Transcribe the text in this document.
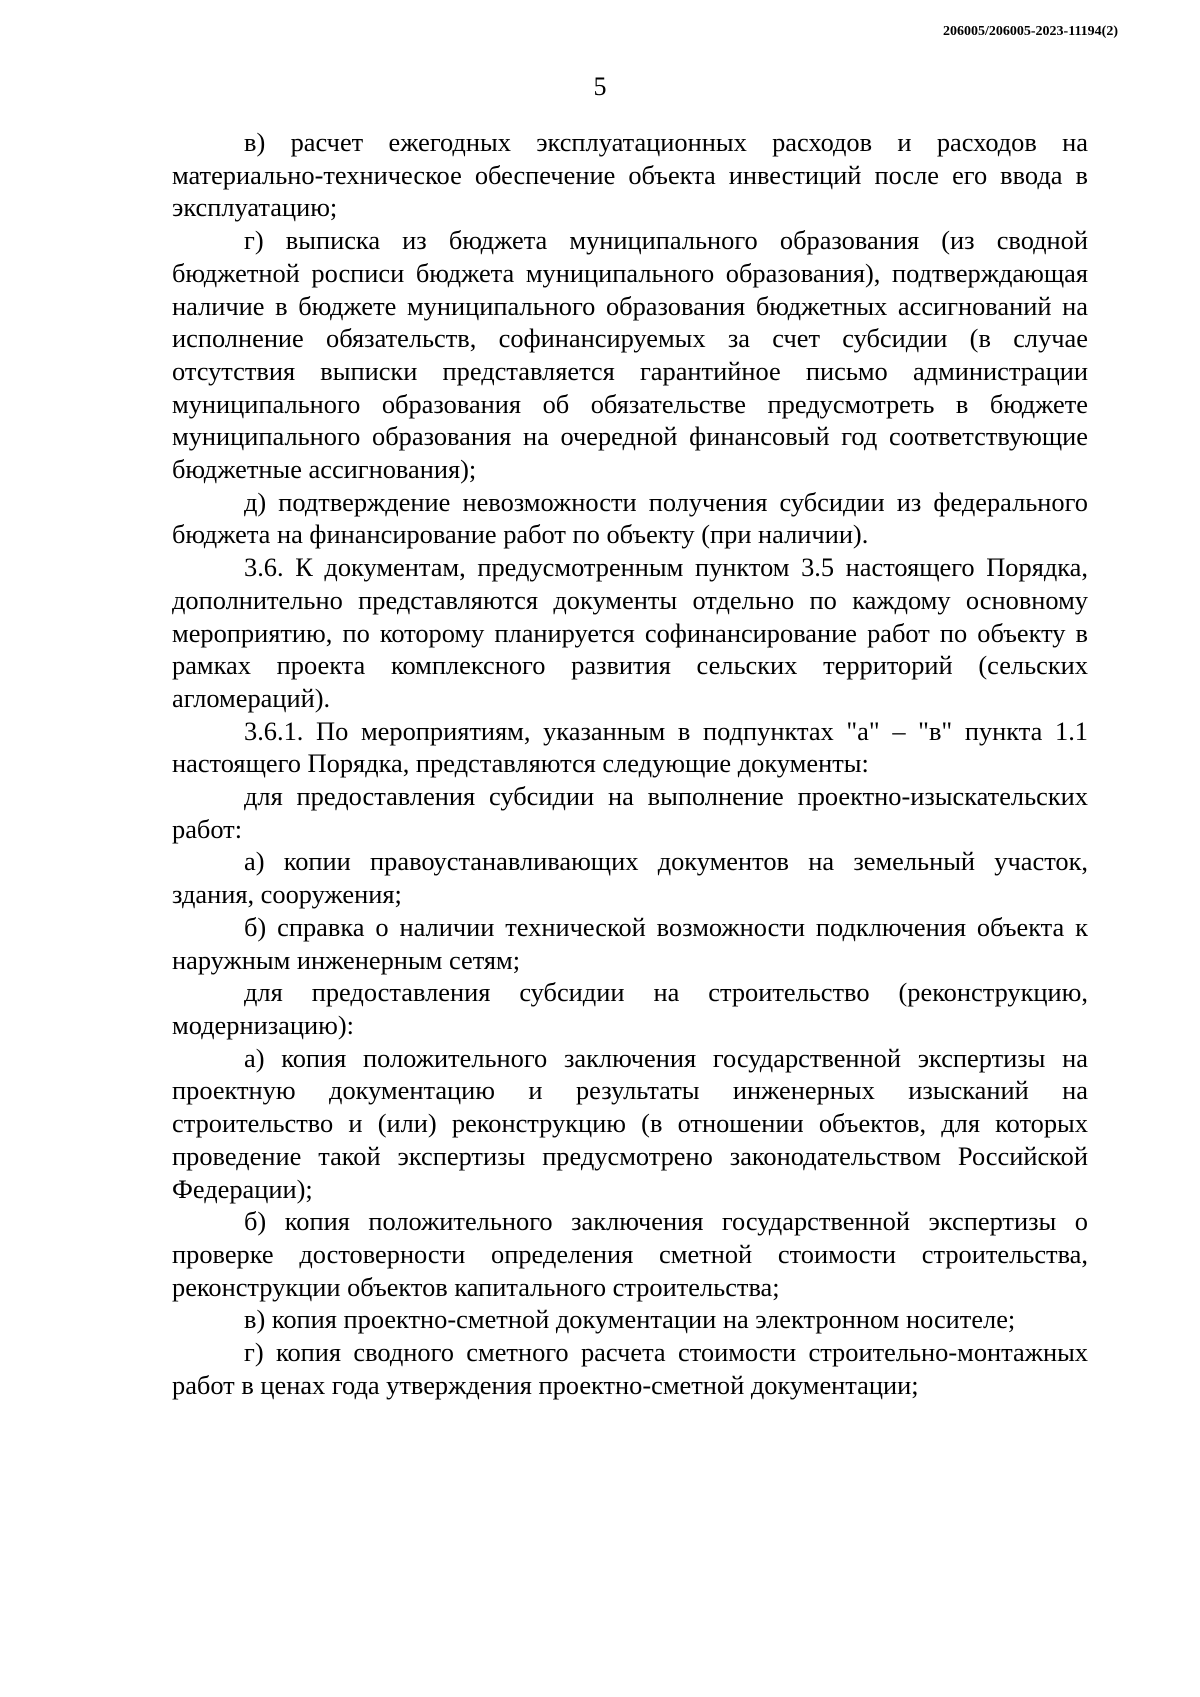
206005/206005-2023-11194(2)
5

в) расчет ежегодных эксплуатационных расходов и расходов на материально-техническое обеспечение объекта инвестиций после его ввода в эксплуатацию;

г) выписка из бюджета муниципального образования (из сводной бюджетной росписи бюджета муниципального образования), подтверждающая наличие в бюджете муниципального образования бюджетных ассигнований на исполнение обязательств, софинансируемых за счет субсидии (в случае отсутствия выписки представляется гарантийное письмо администрации муниципального образования об обязательстве предусмотреть в бюджете муниципального образования на очередной финансовый год соответствующие бюджетные ассигнования);

д) подтверждение невозможности получения субсидии из федерального бюджета на финансирование работ по объекту (при наличии).

3.6. К документам, предусмотренным пунктом 3.5 настоящего Порядка, дополнительно представляются документы отдельно по каждому основному мероприятию, по которому планируется софинансирование работ по объекту в рамках проекта комплексного развития сельских территорий (сельских агломераций).

3.6.1. По мероприятиям, указанным в подпунктах "а" – "в" пункта 1.1 настоящего Порядка, представляются следующие документы:

для предоставления субсидии на выполнение проектно-изыскательских работ:

а) копии правоустанавливающих документов на земельный участок, здания, сооружения;

б) справка о наличии технической возможности подключения объекта к наружным инженерным сетям;

для предоставления субсидии на строительство (реконструкцию, модернизацию):

а) копия положительного заключения государственной экспертизы на проектную документацию и результаты инженерных изысканий на строительство и (или) реконструкцию (в отношении объектов, для которых проведение такой экспертизы предусмотрено законодательством Российской Федерации);

б) копия положительного заключения государственной экспертизы о проверке достоверности определения сметной стоимости строительства, реконструкции объектов капитального строительства;

в) копия проектно-сметной документации на электронном носителе;

г) копия сводного сметного расчета стоимости строительно-монтажных работ в ценах года утверждения проектно-сметной документации;
